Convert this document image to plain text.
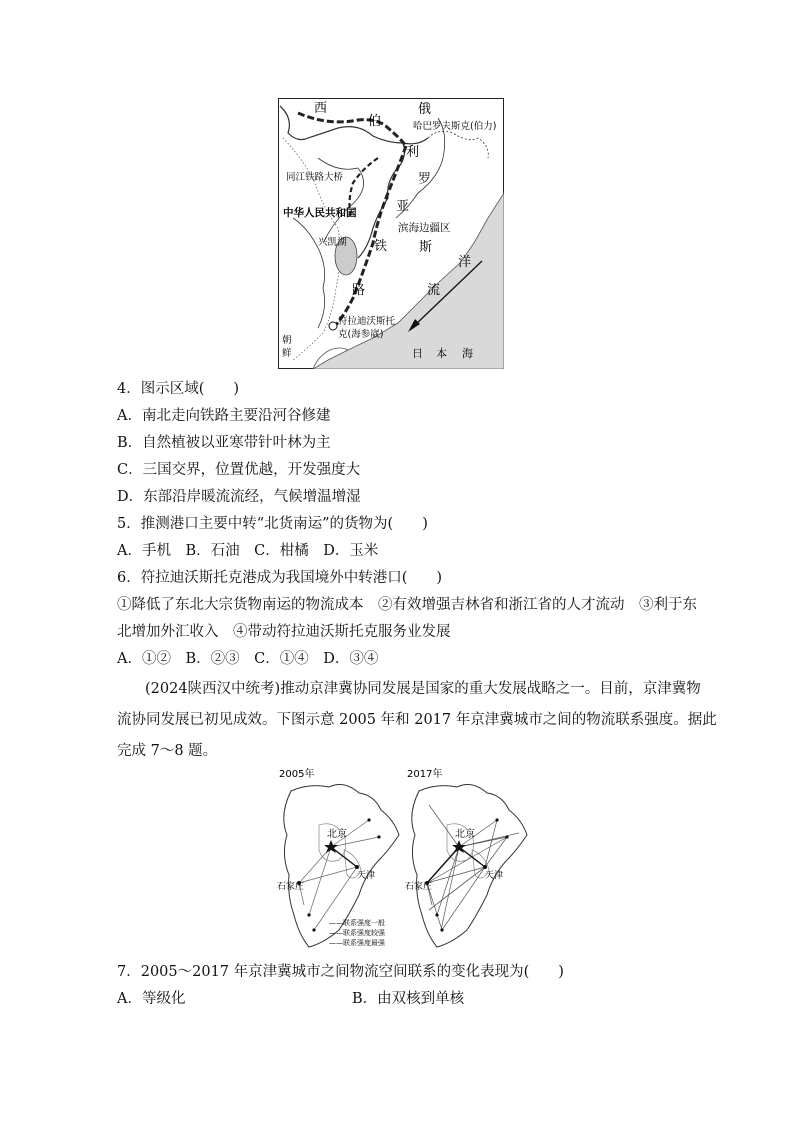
西
伯
俄
哈巴罗夫斯克(伯力)
利
同江铁路大桥	罗
中华人民共和国	亚
滨海边疆区
兴凯湖 铁 斯
洋
路	流
符拉迪沃斯托
克(海参崴)
朝
鲜	日 本 海
4．图示区域(　　)
A．南北走向铁路主要沿河谷修建
B．自然植被以亚寒带针叶林为主
C．三国交界，位置优越，开发强度大
D．东部沿岸暖流流经，气候增温增湿
5．推测港口主要中转“北货南运”的货物为(　　)
A．手机　B．石油　C．柑橘　D．玉米
6．符拉迪沃斯托克港成为我国境外中转港口(　　)
①降低了东北大宗货物南运的物流成本　②有效增强吉林省和浙江省的人才流动　③利于东
北增加外汇收入　④带动符拉迪沃斯托克服务业发展
A．①②　B．②③　C．①④　D．③④
(2024陕西汉中统考)推动京津冀协同发展是国家的重大发展战略之一。目前，京津冀物
流协同发展已初见成效。下图示意 2005 年和 2017 年京津冀城市之间的物流联系强度。据此
完成 7～8 题。
2005年	2017年
北京
天津
石家庄
北京
天津
石家庄
——联系强度一般
——联系强度较强
——联系强度最强
7．2005～2017 年京津冀城市之间物流空间联系的变化表现为(　　)
A．等级化	B．由双核到单核
